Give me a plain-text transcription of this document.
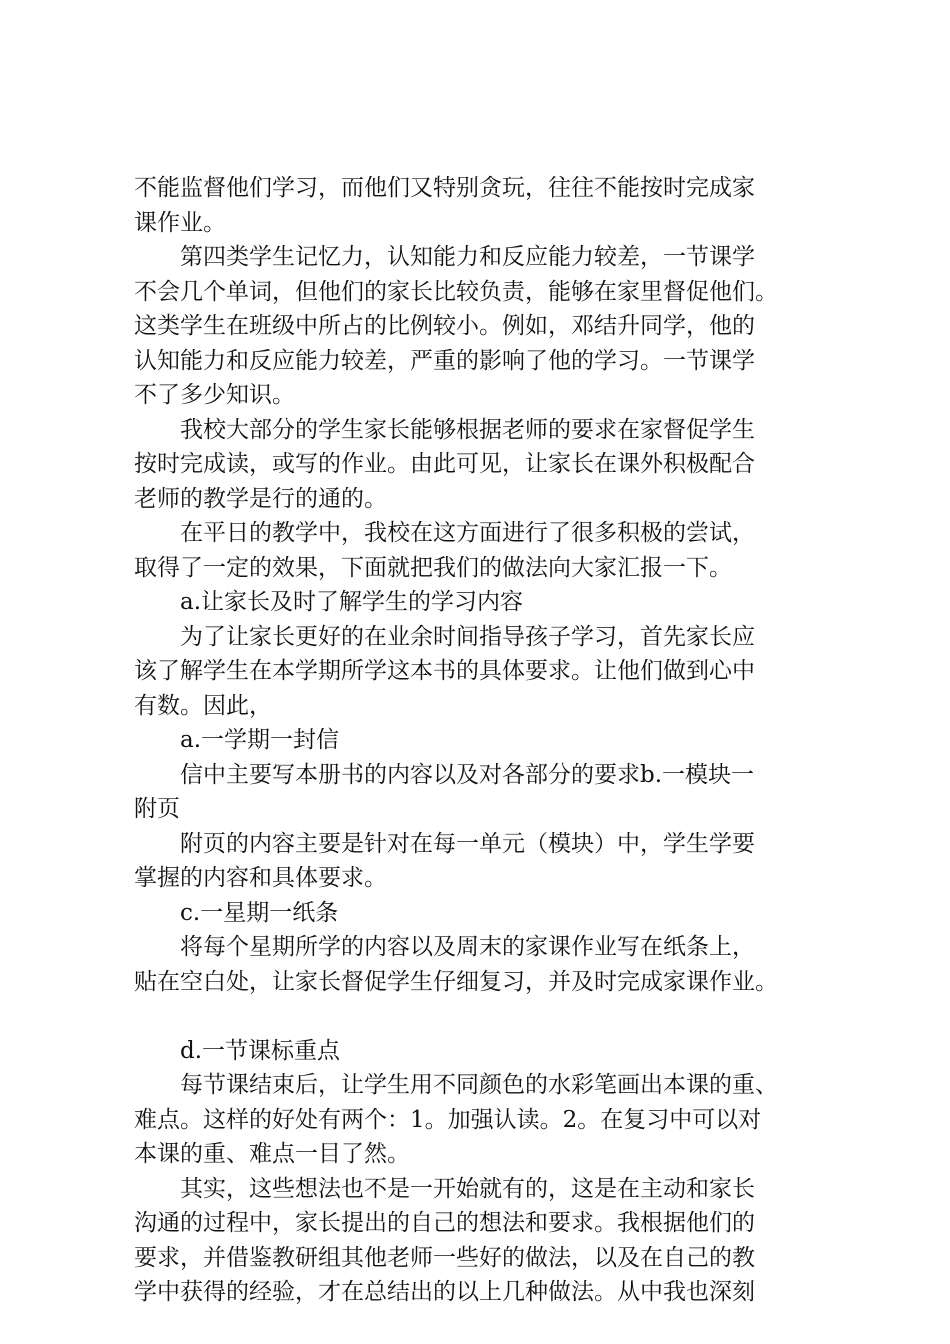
不能监督他们学习，而他们又特别贪玩，往往不能按时完成家
课作业。
第四类学生记忆力，认知能力和反应能力较差，一节课学
不会几个单词，但他们的家长比较负责，能够在家里督促他们。
这类学生在班级中所占的比例较小。例如，邓结升同学，他的
认知能力和反应能力较差，严重的影响了他的学习。一节课学
不了多少知识。
我校大部分的学生家长能够根据老师的要求在家督促学生
按时完成读，或写的作业。由此可见，让家长在课外积极配合
老师的教学是行的通的。
在平日的教学中，我校在这方面进行了很多积极的尝试，
取得了一定的效果，下面就把我们的做法向大家汇报一下。
a.让家长及时了解学生的学习内容
为了让家长更好的在业余时间指导孩子学习，首先家长应
该了解学生在本学期所学这本书的具体要求。让他们做到心中
有数。因此，
a.一学期一封信
信中主要写本册书的内容以及对各部分的要求b.一模块一
附页
附页的内容主要是针对在每一单元（模块）中，学生学要
掌握的内容和具体要求。
c.一星期一纸条
将每个星期所学的内容以及周末的家课作业写在纸条上，
贴在空白处，让家长督促学生仔细复习，并及时完成家课作业。
d.一节课标重点
每节课结束后，让学生用不同颜色的水彩笔画出本课的重、
难点。这样的好处有两个：1。加强认读。2。在复习中可以对
本课的重、难点一目了然。
其实，这些想法也不是一开始就有的，这是在主动和家长
沟通的过程中，家长提出的自己的想法和要求。我根据他们的
要求，并借鉴教研组其他老师一些好的做法，以及在自己的教
学中获得的经验，才在总结出的以上几种做法。从中我也深刻
